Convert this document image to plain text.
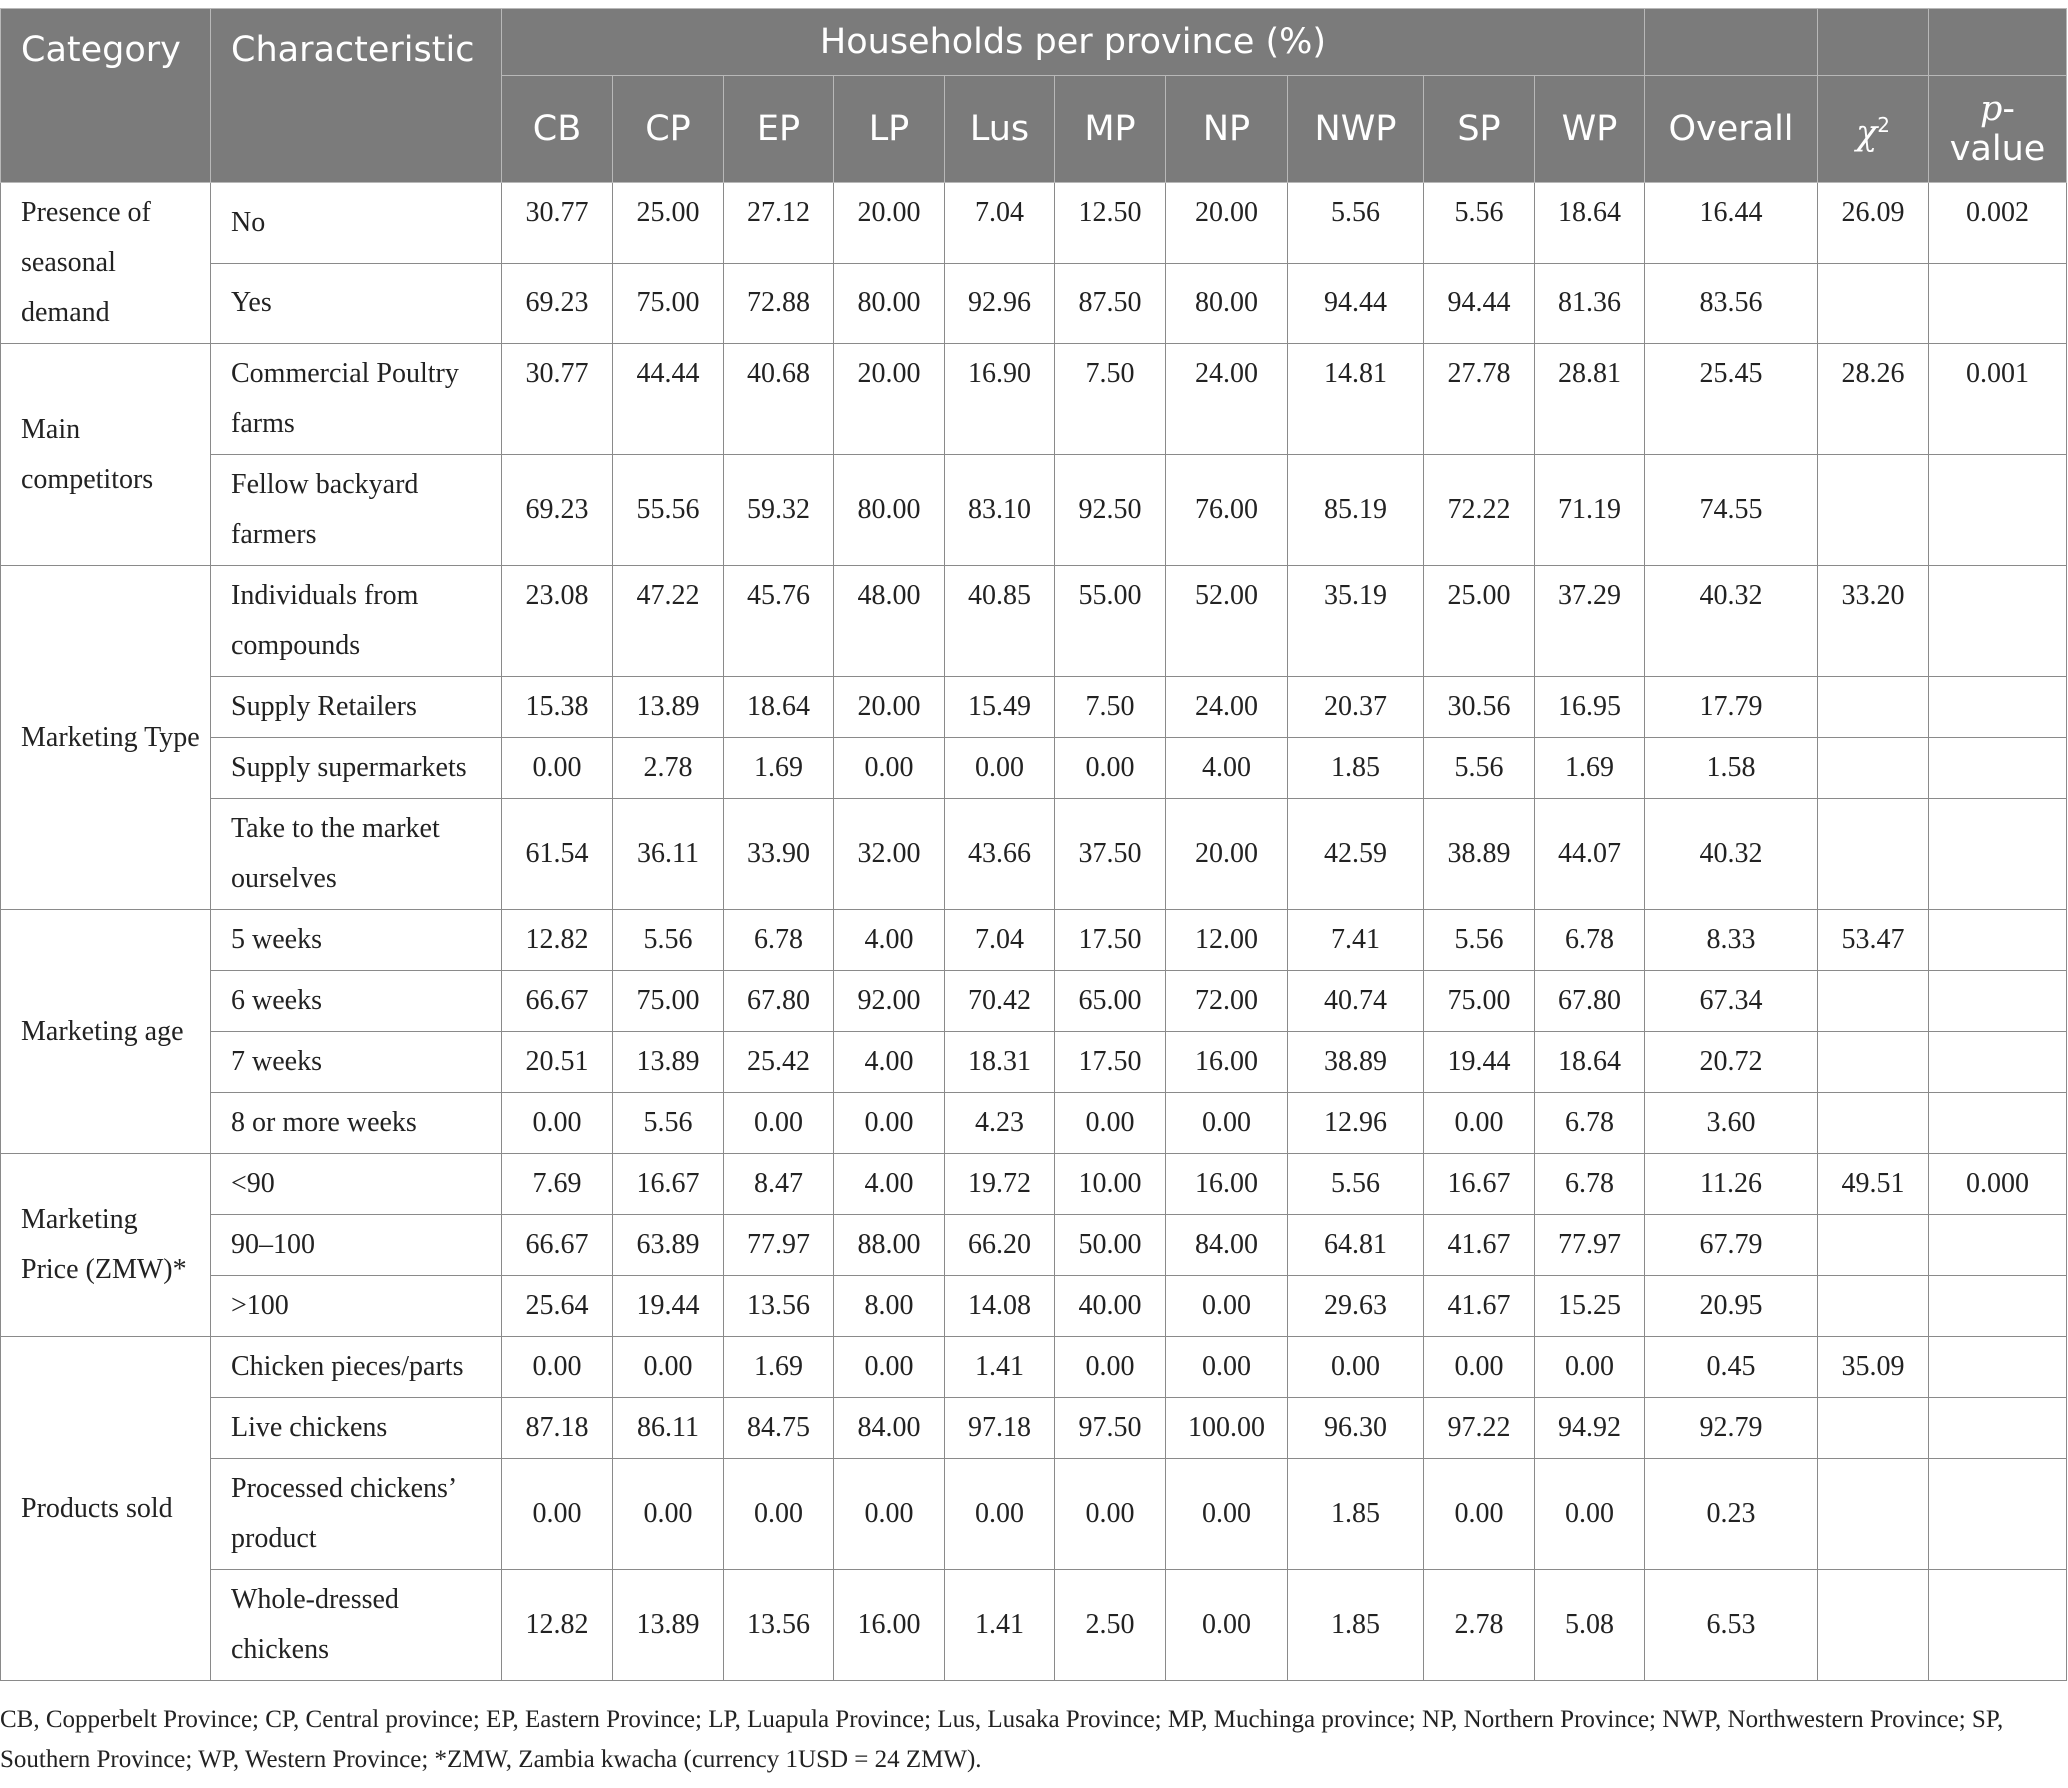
Category	Characteristic	Households per province (%)												
		CB	CP	EP	LP	Lus	MP	NP	NWP	SP	WP	Overall	$\chi^2$	p-value
Presence of seasonal demand	No	30.77	25.00	27.12	20.00	7.04	12.50	20.00	5.56	5.56	18.64	16.44	26.09	0.002
	Yes	69.23	75.00	72.88	80.00	92.96	87.50	80.00	94.44	94.44	81.36	83.56		
Main competitors	Commercial Poultry farms	30.77	44.44	40.68	20.00	16.90	7.50	24.00	14.81	27.78	28.81	25.45	28.26	0.001
	Fellow backyard farmers	69.23	55.56	59.32	80.00	83.10	92.50	76.00	85.19	72.22	71.19	74.55		
Marketing Type	Individuals from compounds	23.08	47.22	45.76	48.00	40.85	55.00	52.00	35.19	25.00	37.29	40.32	33.20	
	Supply Retailers	15.38	13.89	18.64	20.00	15.49	7.50	24.00	20.37	30.56	16.95	17.79		
	Supply supermarkets	0.00	2.78	1.69	0.00	0.00	0.00	4.00	1.85	5.56	1.69	1.58		
	Take to the market ourselves	61.54	36.11	33.90	32.00	43.66	37.50	20.00	42.59	38.89	44.07	40.32		
Marketing age	5 weeks	12.82	5.56	6.78	4.00	7.04	17.50	12.00	7.41	5.56	6.78	8.33	53.47	
	6 weeks	66.67	75.00	67.80	92.00	70.42	65.00	72.00	40.74	75.00	67.80	67.34		
	7 weeks	20.51	13.89	25.42	4.00	18.31	17.50	16.00	38.89	19.44	18.64	20.72		
	8 or more weeks	0.00	5.56	0.00	0.00	4.23	0.00	0.00	12.96	0.00	6.78	3.60		
Marketing Price (ZMW)*	<90	7.69	16.67	8.47	4.00	19.72	10.00	16.00	5.56	16.67	6.78	11.26	49.51	0.000
	90–100	66.67	63.89	77.97	88.00	66.20	50.00	84.00	64.81	41.67	77.97	67.79		
	>100	25.64	19.44	13.56	8.00	14.08	40.00	0.00	29.63	41.67	15.25	20.95		
Products sold	Chicken pieces/parts	0.00	0.00	1.69	0.00	1.41	0.00	0.00	0.00	0.00	0.00	0.45	35.09	
	Live chickens	87.18	86.11	84.75	84.00	97.18	97.50	100.00	96.30	97.22	94.92	92.79		
	Processed chickens’ product	0.00	0.00	0.00	0.00	0.00	0.00	0.00	1.85	0.00	0.00	0.23		
	Whole-dressed chickens	12.82	13.89	13.56	16.00	1.41	2.50	0.00	1.85	2.78	5.08	6.53		
CB, Copperbelt Province; CP, Central province; EP, Eastern Province; LP, Luapula Province; Lus, Lusaka Province; MP, Muchinga province; NP, Northern Province; NWP, Northwestern Province; SP, Southern Province; WP, Western Province; *ZMW, Zambia kwacha (currency 1USD = 24 ZMW).
